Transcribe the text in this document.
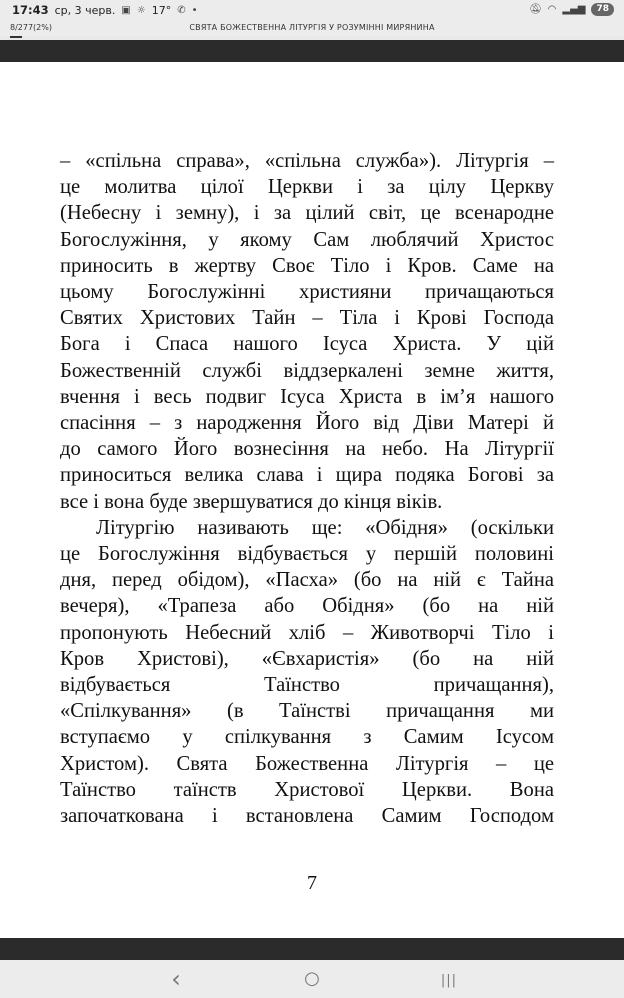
17:43 ср, 3 черв. ▣ ☼ 17° ✆ •	🔕︎ ◠ ▂▄▆	78
8/277(2%)	СВЯТА БОЖЕСТВЕННА ЛІТУРГІЯ У РОЗУМІННІ МИРЯНИНА
– «спільна справа», «спільна служба»). Літургія –
це молитва цілої Церкви і за цілу Церкву
(Небесну і земну), і за цілий світ, це всенародне
Богослужіння, у якому Сам люблячий Христос
приносить в жертву Своє Тіло і Кров. Саме на
цьому Богослужінні християни причащаються
Святих Христових Тайн – Тіла і Крові Господа
Бога і Спаса нашого Ісуса Христа. У цій
Божественній службі віддзеркалені земне життя,
вчення і весь подвиг Ісуса Христа в ім’я нашого
спасіння – з народження Його від Діви Матері й
до самого Його вознесіння на небо. На Літургії
приноситься велика слава і щира подяка Богові за
все і вона буде звершуватися до кінця віків.
Літургію називають ще: «Обідня» (оскільки
це Богослужіння відбувається у першій половині
дня, перед обідом), «Пасха» (бо на ній є Тайна
вечеря), «Трапеза або Обідня» (бо на ній
пропонують Небесний хліб – Животворчі Тіло і
Кров Христові), «Євхаристія» (бо на ній
відбувається Таїнство причащання),
«Спілкування» (в Таїнстві причащання ми
вступаємо у спілкування з Самим Ісусом
Христом). Свята Божественна Літургія – це
Таїнство таїнств Христової Церкви. Вона
започаткована і встановлена Самим Господом
7
‹	○	|||
